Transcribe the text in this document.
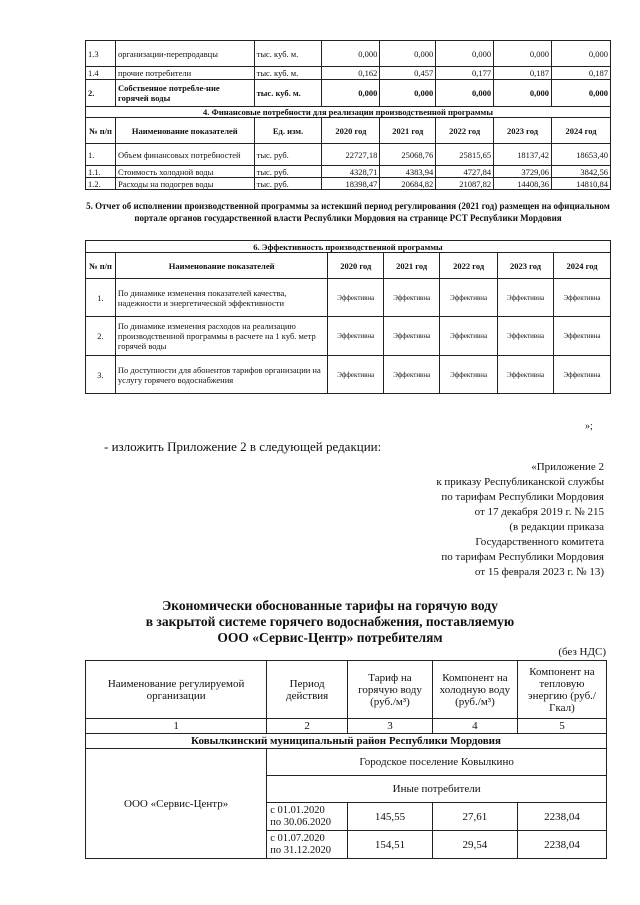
1.3	организации-перепродавцы	тыс. куб. м.	0,000	0,000	0,000	0,000	0,000
1.4	прочие потребители	тыс. куб. м.	0,162	0,457	0,177	0,187	0,187
2.	Собственное потребле-ние горячей воды	тыс. куб. м.	0,000	0,000	0,000	0,000	0,000
4. Финансовые потребности для реализации производственной программы							
№ п/п	Наименование показателей	Ед. изм.	2020 год	2021 год	2022 год	2023 год	2024 год
1.	Объем финансовых потребностей	тыс. руб.	22727,18	25068,76	25815,65	18137,42	18653,40
1.1.	Стоимость холодной воды	тыс. руб.	4328,71	4383,94	4727,84	3729,06	3842,56
1.2.	Расходы на подогрев воды	тыс. руб.	18398,47	20684,82	21087,82	14408,36	14810,84
5. Отчет об исполнении производственной программы за истекший период регулирования (2021 год) размещен на официальном портале органов государственной власти Республики Мордовия на странице РСТ Республики Мордовия
6. Эффективность производственной программы						
№ п/п	Наименование показателей	2020 год	2021 год	2022 год	2023 год	2024 год
1.	По динамике изменения показателей качества, надежности и энергетической эффективности	Эффективна	Эффективна	Эффективна	Эффективна	Эффективна
2.	По динамике изменения расходов на реализацию производственной программы в расчете на 1 куб. метр горячей воды	Эффективна	Эффективна	Эффективна	Эффективна	Эффективна
3.	По доступности для абонентов тарифов организации на услугу горячего водоснабжения	Эффективна	Эффективна	Эффективна	Эффективна	Эффективна
»;
- изложить Приложение 2 в следующей редакции:
«Приложение 2
к приказу Республиканской службы
по тарифам Республики Мордовия
от 17 декабря 2019 г. № 215
(в редакции приказа
Государственного комитета
по тарифам Республики Мордовия
от 15 февраля 2023 г. № 13)
Экономически обоснованные тарифы на горячую воду
в закрытой системе горячего водоснабжения, поставляемую
ООО «Сервис-Центр» потребителям
(без НДС)
Наименование регулируемой организации	Период действия	Тариф на горячую воду (руб./м³)	Компонент на холодную воду (руб./м³)	Компонент на тепловую энергию (руб./Гкал)
1	2	3	4	5
Ковылкинский муниципальный район Республики Мордовия				
ООО «Сервис-Центр»	Городское поселение Ковылкино			
	Иные потребители			

	с 01.01.2020
по 30.06.2020	145,55	27,61	2238,04

	с 01.07.2020
по 31.12.2020	154,51	29,54	2238,04
